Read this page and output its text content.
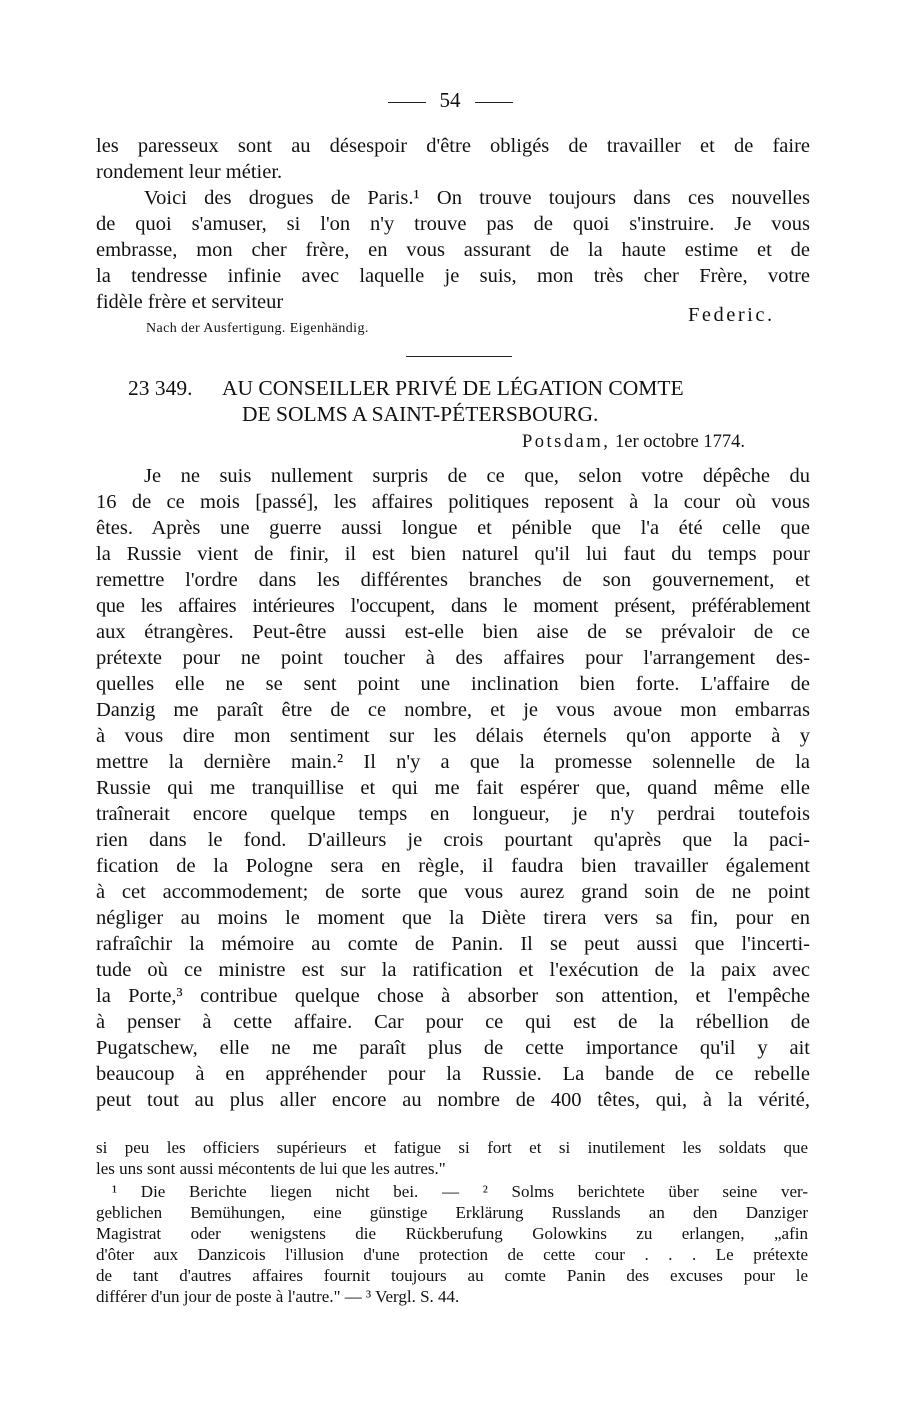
54
les paresseux sont au désespoir d'être obligés de travailler et de faire
rondement leur métier.
Voici des drogues de Paris.¹ On trouve toujours dans ces nouvelles
de quoi s'amuser, si l'on n'y trouve pas de quoi s'instruire. Je vous
embrasse, mon cher frère, en vous assurant de la haute estime et de
la tendresse infinie avec laquelle je suis, mon très cher Frère, votre
fidèle frère et serviteur
Federic.
Nach der Ausfertigung. Eigenhändig.
23 349. AU CONSEILLER PRIVÉ DE LÉGATION COMTE
DE SOLMS A SAINT-PÉTERSBOURG.
Potsdam, 1er octobre 1774.
Je ne suis nullement surpris de ce que, selon votre dépêche du
16 de ce mois [passé], les affaires politiques reposent à la cour où vous
êtes. Après une guerre aussi longue et pénible que l'a été celle que
la Russie vient de finir, il est bien naturel qu'il lui faut du temps pour
remettre l'ordre dans les différentes branches de son gouvernement, et
que les affaires intérieures l'occupent, dans le moment présent, préférablement
aux étrangères. Peut-être aussi est-elle bien aise de se prévaloir de ce
prétexte pour ne point toucher à des affaires pour l'arrangement des-
quelles elle ne se sent point une inclination bien forte. L'affaire de
Danzig me paraît être de ce nombre, et je vous avoue mon embarras
à vous dire mon sentiment sur les délais éternels qu'on apporte à y
mettre la dernière main.² Il n'y a que la promesse solennelle de la
Russie qui me tranquillise et qui me fait espérer que, quand même elle
traînerait encore quelque temps en longueur, je n'y perdrai toutefois
rien dans le fond. D'ailleurs je crois pourtant qu'après que la paci-
fication de la Pologne sera en règle, il faudra bien travailler également
à cet accommodement; de sorte que vous aurez grand soin de ne point
négliger au moins le moment que la Diète tirera vers sa fin, pour en
rafraîchir la mémoire au comte de Panin. Il se peut aussi que l'incerti-
tude où ce ministre est sur la ratification et l'exécution de la paix avec
la Porte,³ contribue quelque chose à absorber son attention, et l'empêche
à penser à cette affaire. Car pour ce qui est de la rébellion de
Pugatschew, elle ne me paraît plus de cette importance qu'il y ait
beaucoup à en appréhender pour la Russie. La bande de ce rebelle
peut tout au plus aller encore au nombre de 400 têtes, qui, à la vérité,
si peu les officiers supérieurs et fatigue si fort et si inutilement les soldats que
les uns sont aussi mécontents de lui que les autres."
¹ Die Berichte liegen nicht bei. — ² Solms berichtete über seine ver-
geblichen Bemühungen, eine günstige Erklärung Russlands an den Danziger
Magistrat oder wenigstens die Rückberufung Golowkins zu erlangen, „afin
d'ôter aux Danzicois l'illusion d'une protection de cette cour . . . Le prétexte
de tant d'autres affaires fournit toujours au comte Panin des excuses pour le
différer d'un jour de poste à l'autre." — ³ Vergl. S. 44.
